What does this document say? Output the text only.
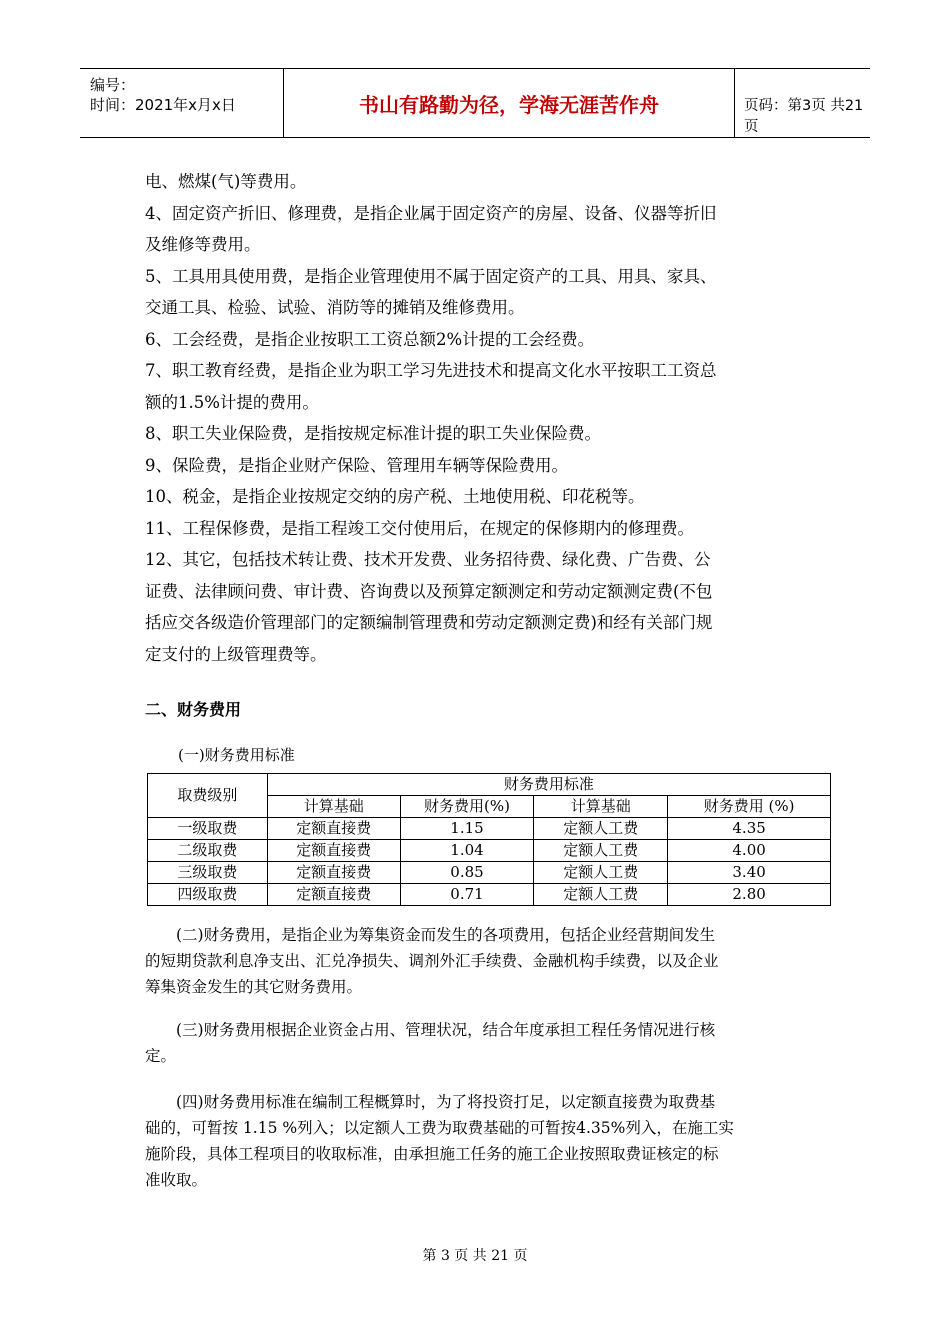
编号：
时间：2021年x月x日	书山有路勤为径，学海无涯苦作舟	页码：第3页 共21页

电、燃煤(气)等费用。

4、固定资产折旧、修理费，是指企业属于固定资产的房屋、设备、仪器等折旧

及维修等费用。

5、工具用具使用费，是指企业管理使用不属于固定资产的工具、用具、家具、

交通工具、检验、试验、消防等的摊销及维修费用。

6、工会经费，是指企业按职工工资总额2%计提的工会经费。

7、职工教育经费，是指企业为职工学习先进技术和提高文化水平按职工工资总

额的1.5%计提的费用。

8、职工失业保险费，是指按规定标准计提的职工失业保险费。

9、保险费，是指企业财产保险、管理用车辆等保险费用。

10、税金，是指企业按规定交纳的房产税、土地使用税、印花税等。

11、工程保修费，是指工程竣工交付使用后，在规定的保修期内的修理费。

12、其它，包括技术转让费、技术开发费、业务招待费、绿化费、广告费、公

证费、法律顾问费、审计费、咨询费以及预算定额测定和劳动定额测定费(不包

括应交各级造价管理部门的定额编制管理费和劳动定额测定费)和经有关部门规

定支付的上级管理费等。

二、财务费用
(一)财务费用标准
取费级别	财务费用标准			
	计算基础	财务费用(%)	计算基础	财务费用 (%)
一级取费	定额直接费	1.15	定额人工费	4.35
二级取费	定额直接费	1.04	定额人工费	4.00
三级取费	定额直接费	0.85	定额人工费	3.40
四级取费	定额直接费	0.71	定额人工费	2.80

　　(二)财务费用，是指企业为筹集资金而发生的各项费用，包括企业经营期间发生

的短期贷款利息净支出、汇兑净损失、调剂外汇手续费、金融机构手续费，以及企业

筹集资金发生的其它财务费用。

　　(三)财务费用根据企业资金占用、管理状况，结合年度承担工程任务情况进行核

定。

　　(四)财务费用标准在编制工程概算时，为了将投资打足，以定额直接费为取费基

础的，可暂按 1.15 %列入；以定额人工费为取费基础的可暂按4.35%列入，在施工实

施阶段，具体工程项目的收取标准，由承担施工任务的施工企业按照取费证核定的标

准收取。

第 3 页 共 21 页
